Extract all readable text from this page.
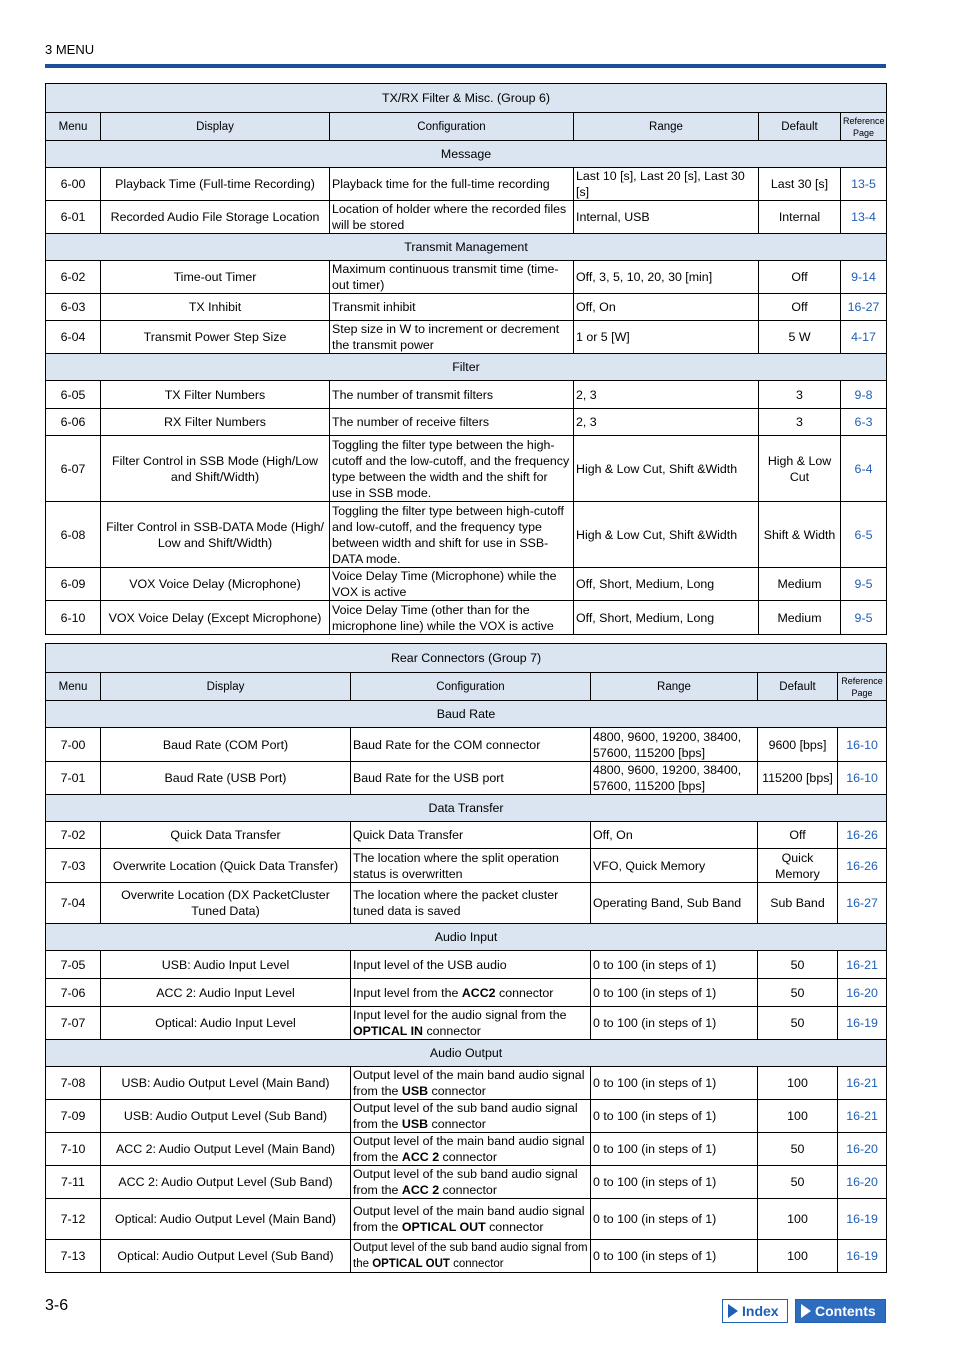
3 MENU
TX/RX Filter & Misc. (Group 6)					
Menu	Display	Configuration	Range	Default	Reference
Page
Message					
6-00	Playback Time (Full-time Recording)	Playback time for the full-time recording	Last 10 [s], Last 20 [s], Last 30 [s]	Last 30 [s]	13-5
6-01	Recorded Audio File Storage Location	Location of holder where the recorded files will be stored	Internal, USB	Internal	13-4
Transmit Management					
6-02	Time-out Timer	Maximum continuous transmit time (time-out timer)	Off, 3, 5, 10, 20, 30 [min]	Off	9-14
6-03	TX Inhibit	Transmit inhibit	Off, On	Off	16-27
6-04	Transmit Power Step Size	Step size in W to increment or decrement the transmit power	1 or 5 [W]	5 W	4-17
Filter					
6-05	TX Filter Numbers	The number of transmit filters	2, 3	3	9-8
6-06	RX Filter Numbers	The number of receive filters	2, 3	3	6-3
6-07	Filter Control in SSB Mode (High/Low and Shift/Width)	Toggling the filter type between the high-cutoff and the low-cutoff, and the frequency type between the width and the shift for use in SSB mode.	High & Low Cut, Shift &Width	High & Low Cut	6-4
6-08	Filter Control in SSB-DATA Mode (High/ Low and Shift/Width)	Toggling the filter type between high-cutoff and low-cutoff, and the frequency type between width and shift for use in SSB-DATA mode.	High & Low Cut, Shift &Width	Shift & Width	6-5
6-09	VOX Voice Delay (Microphone)	Voice Delay Time (Microphone) while the VOX is active	Off, Short, Medium, Long	Medium	9-5
6-10	VOX Voice Delay (Except Microphone)	Voice Delay Time (other than for the microphone line) while the VOX is active	Off, Short, Medium, Long	Medium	9-5
Rear Connectors (Group 7)					
Menu	Display	Configuration	Range	Default	Reference
Page
Baud Rate					
7-00	Baud Rate (COM Port)	Baud Rate for the COM connector	4800, 9600, 19200, 38400, 57600, 115200 [bps]	9600 [bps]	16-10
7-01	Baud Rate (USB Port)	Baud Rate for the USB port	4800, 9600, 19200, 38400, 57600, 115200 [bps]	115200 [bps]	16-10
Data Transfer					
7-02	Quick Data Transfer	Quick Data Transfer	Off, On	Off	16-26
7-03	Overwrite Location (Quick Data Transfer)	The location where the split operation status is overwritten	VFO, Quick Memory	Quick Memory	16-26
7-04	Overwrite Location (DX PacketCluster Tuned Data)	The location where the packet cluster tuned data is saved	Operating Band, Sub Band	Sub Band	16-27
Audio Input					
7-05	USB: Audio Input Level	Input level of the USB audio	0 to 100 (in steps of 1)	50	16-21
7-06	ACC 2: Audio Input Level	Input level from the ACC2 connector	0 to 100 (in steps of 1)	50	16-20
7-07	Optical: Audio Input Level	Input level for the audio signal from the OPTICAL IN connector	0 to 100 (in steps of 1)	50	16-19
Audio Output					
7-08	USB: Audio Output Level (Main Band)	Output level of the main band audio signal from the USB connector	0 to 100 (in steps of 1)	100	16-21
7-09	USB: Audio Output Level (Sub Band)	Output level of the sub band audio signal from the USB connector	0 to 100 (in steps of 1)	100	16-21
7-10	ACC 2: Audio Output Level (Main Band)	Output level of the main band audio signal from the ACC 2 connector	0 to 100 (in steps of 1)	50	16-20
7-11	ACC 2: Audio Output Level (Sub Band)	Output level of the sub band audio signal from the ACC 2 connector	0 to 100 (in steps of 1)	50	16-20
7-12	Optical: Audio Output Level (Main Band)	Output level of the main band audio signal from the OPTICAL OUT connector	0 to 100 (in steps of 1)	100	16-19
7-13	Optical: Audio Output Level (Sub Band)	Output level of the sub band audio signal from the OPTICAL OUT connector	0 to 100 (in steps of 1)	100	16-19
3-6	Index	Contents
